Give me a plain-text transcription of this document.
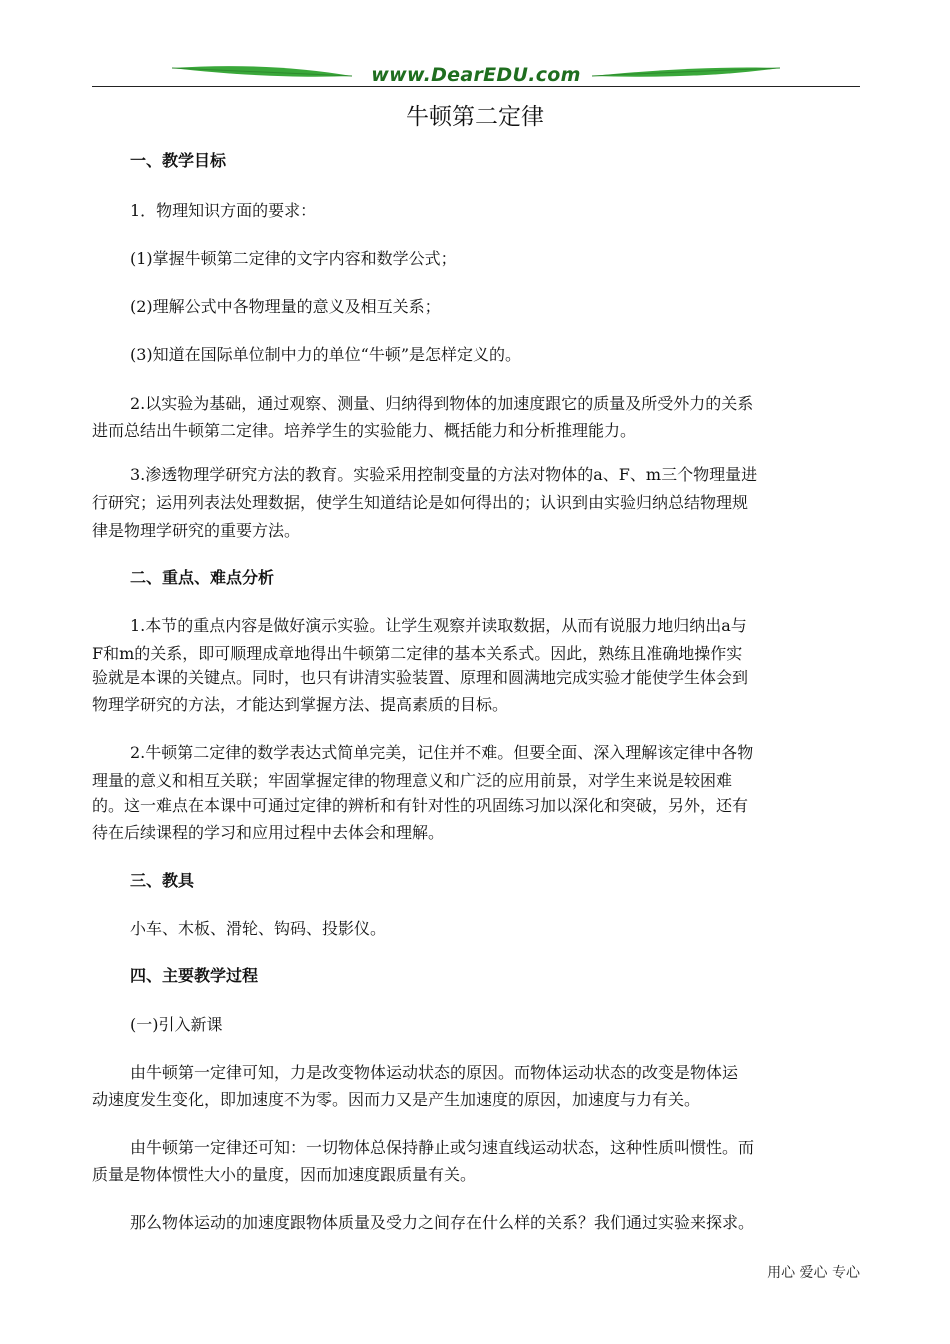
www.DearEDU.com
牛顿第二定律
一、教学目标
1．物理知识方面的要求：
(1)掌握牛顿第二定律的文字内容和数学公式；
(2)理解公式中各物理量的意义及相互关系；
(3)知道在国际单位制中力的单位“牛顿”是怎样定义的。
2.以实验为基础，通过观察、测量、归纳得到物体的加速度跟它的质量及所受外力的关系
进而总结出牛顿第二定律。培养学生的实验能力、概括能力和分析推理能力。
3.渗透物理学研究方法的教育。实验采用控制变量的方法对物体的a、F、m三个物理量进
行研究；运用列表法处理数据，使学生知道结论是如何得出的；认识到由实验归纳总结物理规
律是物理学研究的重要方法。
二、重点、难点分析
1.本节的重点内容是做好演示实验。让学生观察并读取数据，从而有说服力地归纳出a与
F和m的关系，即可顺理成章地得出牛顿第二定律的基本关系式。因此，熟练且准确地操作实
验就是本课的关键点。同时，也只有讲清实验装置、原理和圆满地完成实验才能使学生体会到
物理学研究的方法，才能达到掌握方法、提高素质的目标。
2.牛顿第二定律的数学表达式简单完美，记住并不难。但要全面、深入理解该定律中各物
理量的意义和相互关联；牢固掌握定律的物理意义和广泛的应用前景，对学生来说是较困难
的。这一难点在本课中可通过定律的辨析和有针对性的巩固练习加以深化和突破，另外，还有
待在后续课程的学习和应用过程中去体会和理解。
三、教具
小车、木板、滑轮、钩码、投影仪。
四、主要教学过程
(一)引入新课
由牛顿第一定律可知，力是改变物体运动状态的原因。而物体运动状态的改变是物体运
动速度发生变化，即加速度不为零。因而力又是产生加速度的原因，加速度与力有关。
由牛顿第一定律还可知：一切物体总保持静止或匀速直线运动状态，这种性质叫惯性。而
质量是物体惯性大小的量度，因而加速度跟质量有关。
那么物体运动的加速度跟物体质量及受力之间存在什么样的关系？我们通过实验来探求。
用心 爱心 专心
